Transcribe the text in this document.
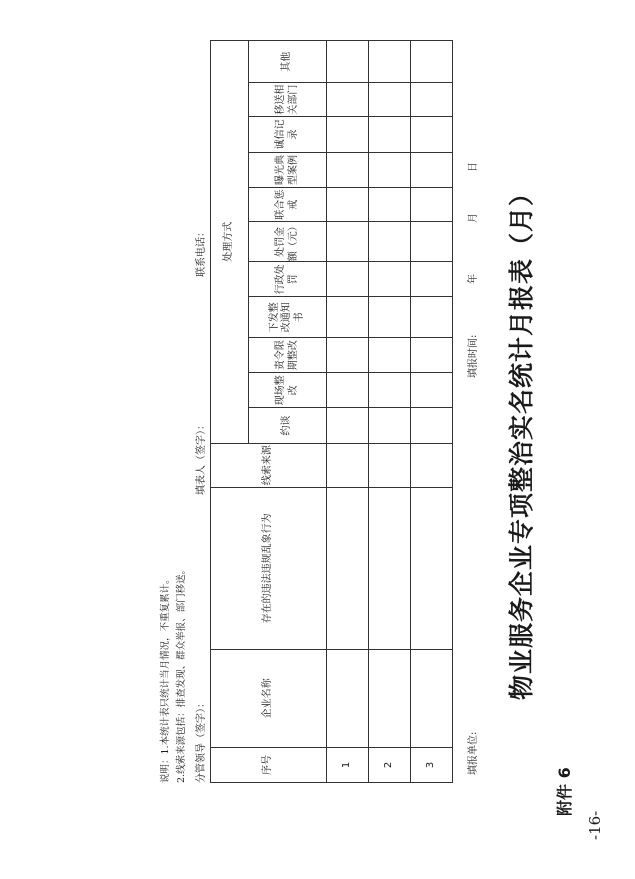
-16-
附件 6
物业服务企业专项整治实名统计月报表（月）
填报单位:
填报时间:
年
月
日
序号	企业名称	存在的违法违规乱象行为	线索来源	处理方式										
				约谈	现场整改	责令限期整改	下发整改通知书	行政处罚	处罚金额（元）	联合惩戒	曝光典型案例	诚信记录	移送相关部门	其他
1														
2														
3														
分管领导（签字）：
填表人（签字）：
联系电话：
说明：1.本统计表只统计当月情况，不重复累计。 2.线索来源包括：排查发现、群众举报、部门移送。
